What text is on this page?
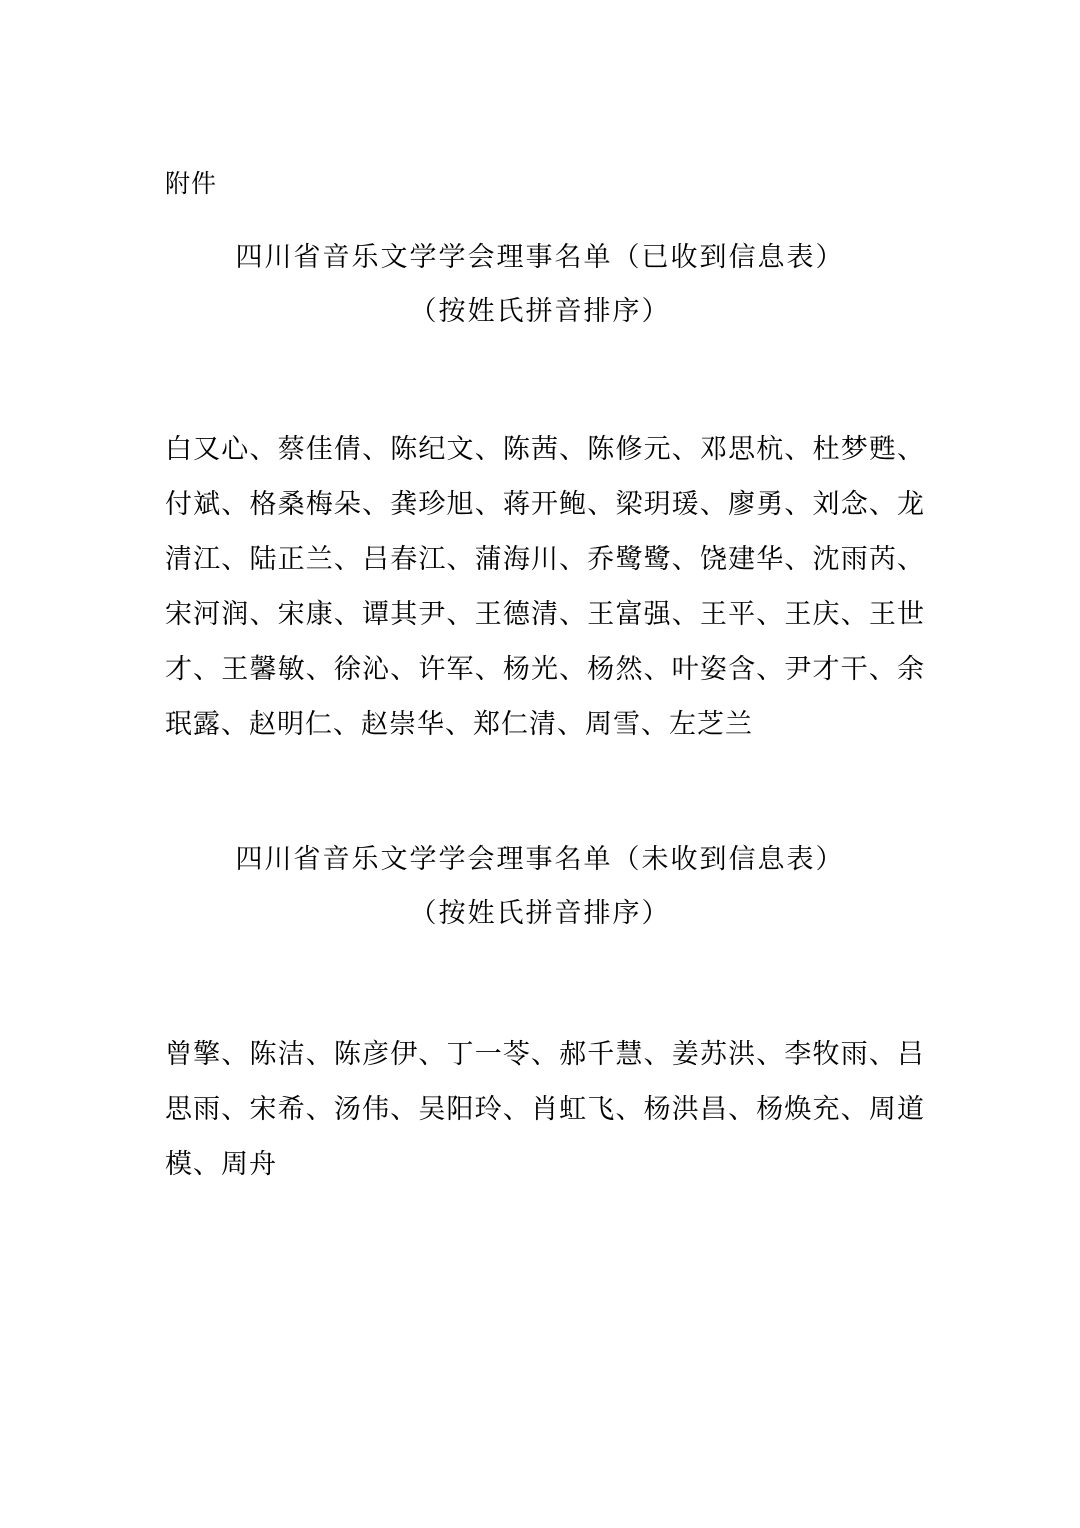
附件
四川省音乐文学学会理事名单（已收到信息表）
（按姓氏拼音排序）
白又心、蔡佳倩、陈纪文、陈茜、陈修元、邓思杭、杜梦甦、付斌、格桑梅朵、龚珍旭、蒋开鲍、梁玥瑗、廖勇、刘念、龙清江、陆正兰、吕春江、蒲海川、乔鹭鹭、饶建华、沈雨芮、宋河润、宋康、谭其尹、王德清、王富强、王平、王庆、王世才、王馨敏、徐沁、许军、杨光、杨然、叶姿含、尹才干、余珉露、赵明仁、赵崇华、郑仁清、周雪、左芝兰
四川省音乐文学学会理事名单（未收到信息表）
（按姓氏拼音排序）
曾擎、陈洁、陈彦伊、丁一苓、郝千慧、姜苏洪、李牧雨、吕思雨、宋希、汤伟、吴阳玲、肖虹飞、杨洪昌、杨焕充、周道模、周舟
